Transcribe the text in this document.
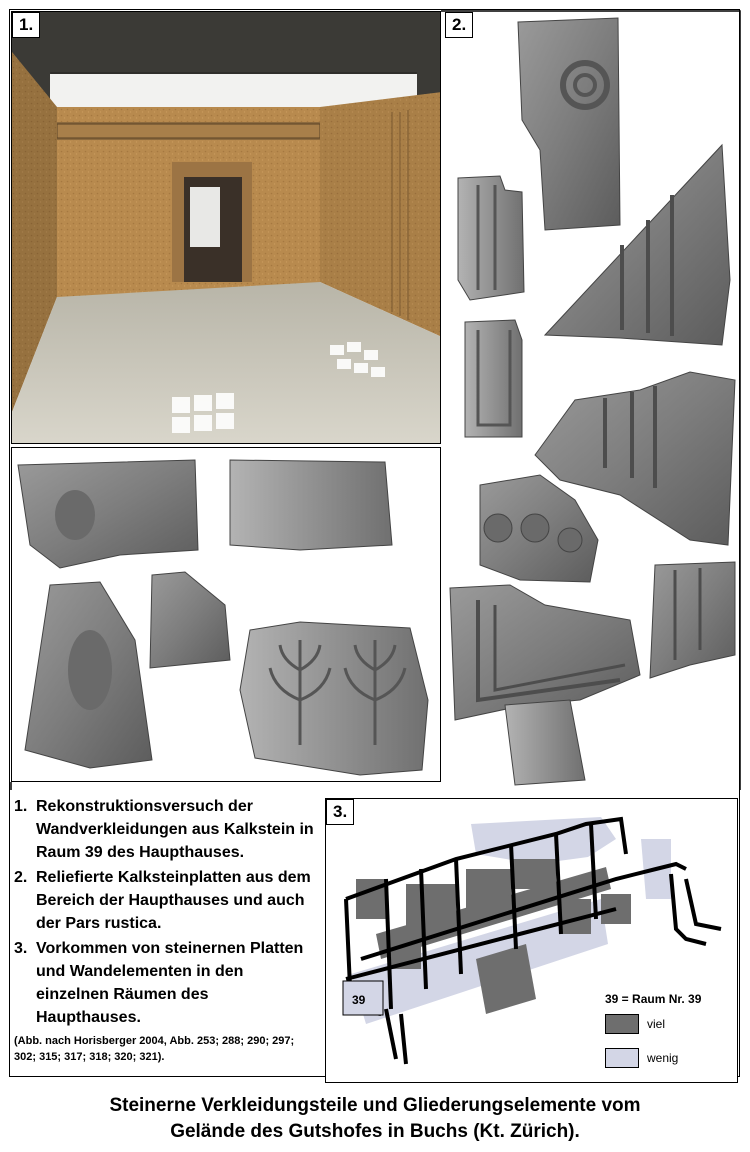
1.	2.
1. Rekonstruktionsversuch der Wandverkleidungen aus Kalkstein in Raum 39 des Haupthauses.
2. Reliefierte Kalksteinplatten aus dem Bereich der Haupthauses und auch der Pars rustica.
3. Vorkommen von steinernen Platten und Wandelementen in den einzelnen Räumen des Haupthauses.
(Abb. nach Horisberger 2004, Abb. 253; 288; 290; 297; 302; 315; 317; 318; 320; 321).
39
3.
39 = Raum Nr. 39
viel
wenig
Steinerne Verkleidungsteile und Gliederungselemente vom
Gelände des Gutshofes in Buchs (Kt. Zürich).
